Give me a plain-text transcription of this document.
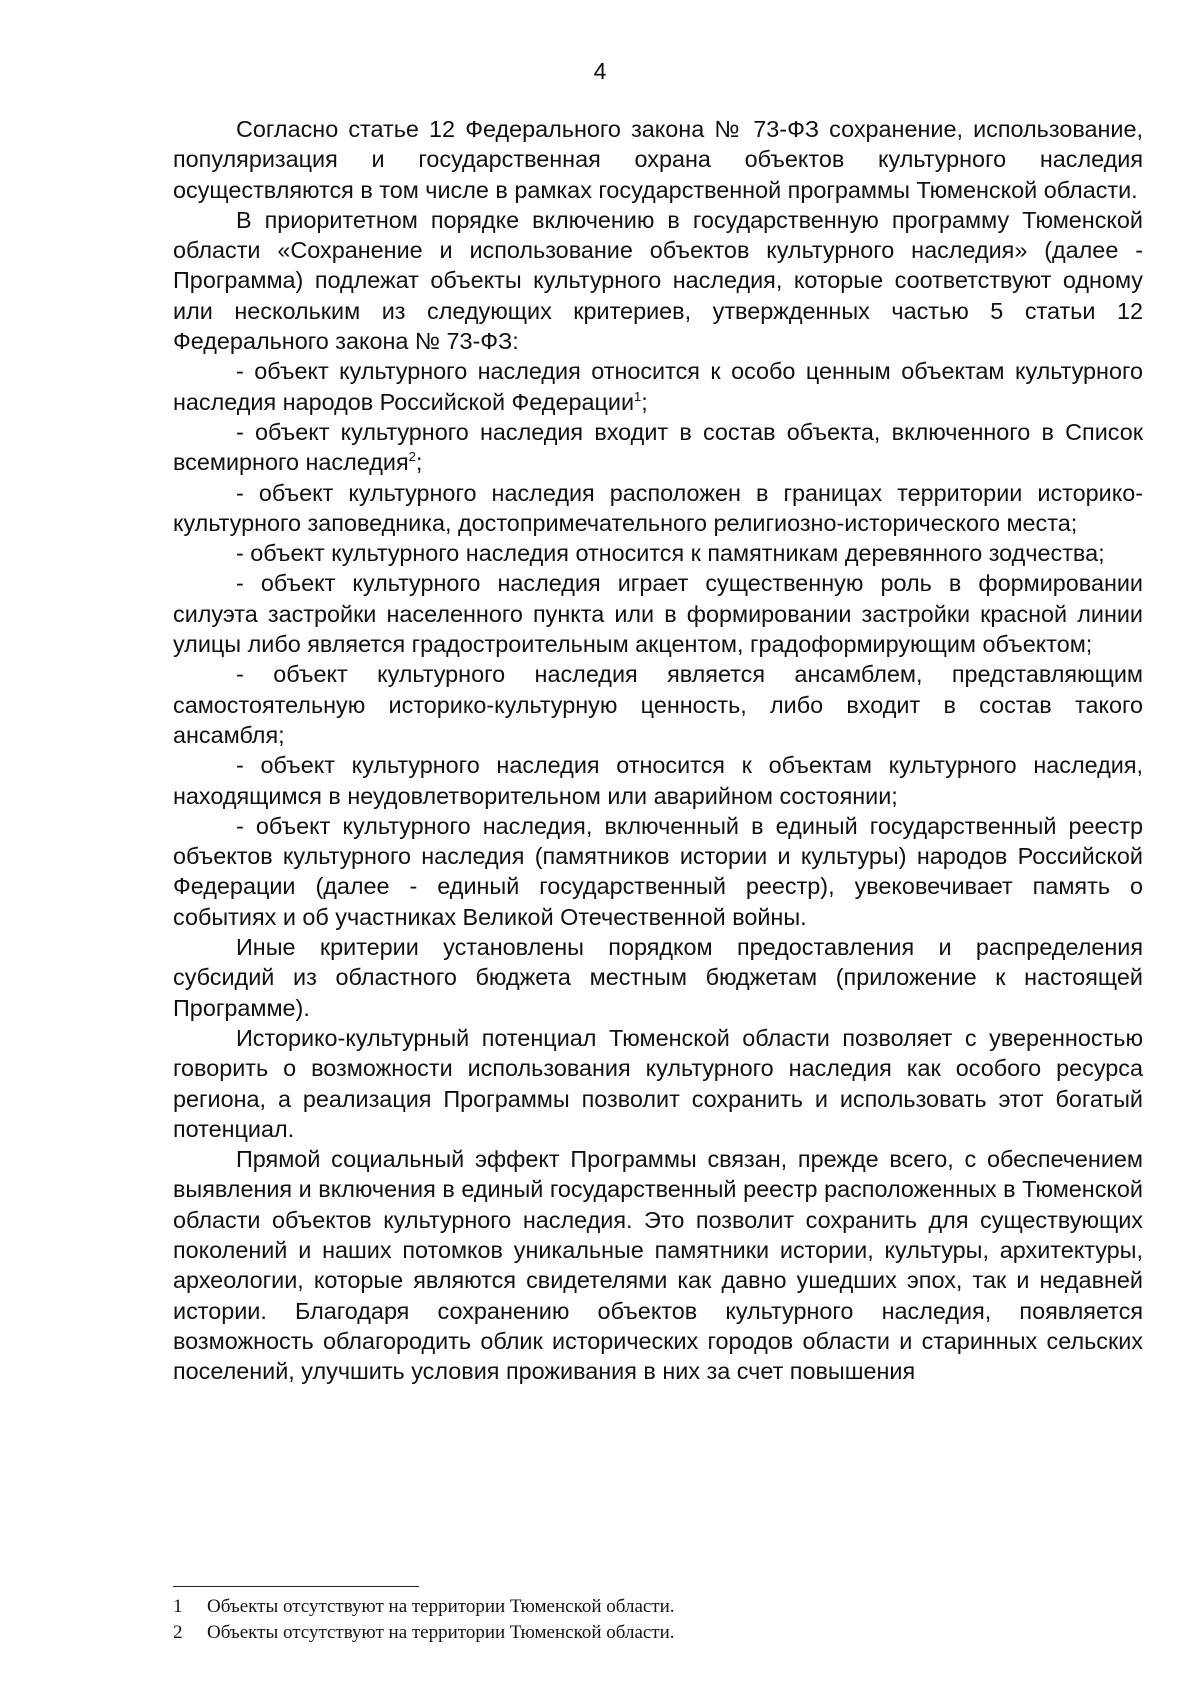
4

Согласно статье 12 Федерального закона № 73-ФЗ сохранение, использование, популяризация и государственная охрана объектов культурного наследия осуществляются в том числе в рамках государственной программы Тюменской области.

В приоритетном порядке включению в государственную программу Тюменской области «Сохранение и использование объектов культурного наследия» (далее - Программа) подлежат объекты культурного наследия, которые соответствуют одному или нескольким из следующих критериев, утвержденных частью 5 статьи 12 Федерального закона № 73-ФЗ:

- объект культурного наследия относится к особо ценным объектам культурного наследия народов Российской Федерации$^1$;

- объект культурного наследия входит в состав объекта, включенного в Список всемирного наследия$^2$;

- объект культурного наследия расположен в границах территории историко-культурного заповедника, достопримечательного религиозно-исторического места;

- объект культурного наследия относится к памятникам деревянного зодчества;

- объект культурного наследия играет существенную роль в формировании силуэта застройки населенного пункта или в формировании застройки красной линии улицы либо является градостроительным акцентом, градоформирующим объектом;

- объект культурного наследия является ансамблем, представляющим самостоятельную историко-культурную ценность, либо входит в состав такого ансамбля;

- объект культурного наследия относится к объектам культурного наследия, находящимся в неудовлетворительном или аварийном состоянии;

- объект культурного наследия, включенный в единый государственный реестр объектов культурного наследия (памятников истории и культуры) народов Российской Федерации (далее - единый государственный реестр), увековечивает память о событиях и об участниках Великой Отечественной войны.

Иные критерии установлены порядком предоставления и распределения субсидий из областного бюджета местным бюджетам (приложение к настоящей Программе).

Историко-культурный потенциал Тюменской области позволяет с уверенностью говорить о возможности использования культурного наследия как особого ресурса региона, а реализация Программы позволит сохранить и использовать этот богатый потенциал.

Прямой социальный эффект Программы связан, прежде всего, с обеспечением выявления и включения в единый государственный реестр расположенных в Тюменской области объектов культурного наследия. Это позволит сохранить для существующих поколений и наших потомков уникальные памятники истории, культуры, архитектуры, археологии, которые являются свидетелями как давно ушедших эпох, так и недавней истории. Благодаря сохранению объектов культурного наследия, появляется возможность облагородить облик исторических городов области и старинных сельских поселений, улучшить условия проживания в них за счет повышения

1	Объекты отсутствуют на территории Тюменской области.
2	Объекты отсутствуют на территории Тюменской области.
